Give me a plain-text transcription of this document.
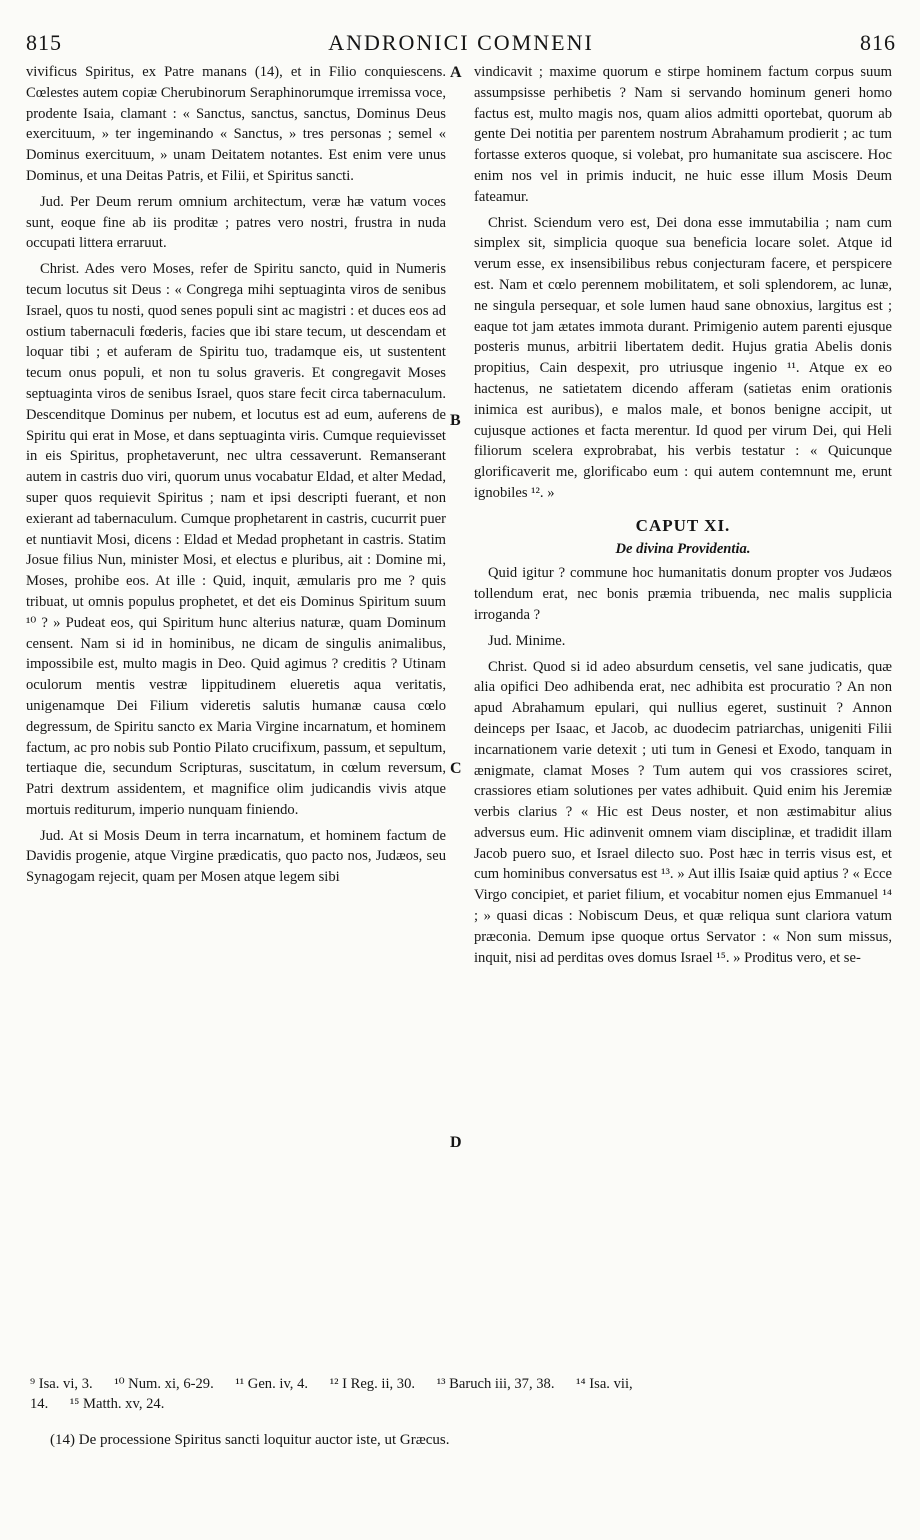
815	ANDRONICI COMNENI	816
A
B
C
D

vivificus Spiritus, ex Patre manans (14), et in Filio conquiescens. Cœlestes autem copiæ Cherubinorum Seraphinorumque irremissa voce, prodente Isaia, clamant : « Sanctus, sanctus, sanctus, Dominus Deus exercituum, » ter ingeminando « Sanctus, » tres personas ; semel « Dominus exercituum, » unam Deitatem notantes. Est enim vere unus Dominus, et una Deitas Patris, et Filii, et Spiritus sancti.

Jud. Per Deum rerum omnium architectum, veræ hæ vatum voces sunt, eoque fine ab iis proditæ ; patres vero nostri, frustra in nuda occupati littera erraruut.

Christ. Ades vero Moses, refer de Spiritu sancto, quid in Numeris tecum locutus sit Deus : « Congrega mihi septuaginta viros de senibus Israel, quos tu nosti, quod senes populi sint ac magistri : et duces eos ad ostium tabernaculi fœderis, facies que ibi stare tecum, ut descendam et loquar tibi ; et auferam de Spiritu tuo, tradamque eis, ut sustentent tecum onus populi, et non tu solus graveris. Et congregavit Moses septuaginta viros de senibus Israel, quos stare fecit circa tabernaculum. Descenditque Dominus per nubem, et locutus est ad eum, auferens de Spiritu qui erat in Mose, et dans septuaginta viris. Cumque requievisset in eis Spiritus, prophetaverunt, nec ultra cessaverunt. Remanserant autem in castris duo viri, quorum unus vocabatur Eldad, et alter Medad, super quos requievit Spiritus ; nam et ipsi descripti fuerant, et non exierant ad tabernaculum. Cumque prophetarent in castris, cucurrit puer et nuntiavit Mosi, dicens : Eldad et Medad prophetant in castris. Statim Josue filius Nun, minister Mosi, et electus e pluribus, ait : Domine mi, Moses, prohibe eos. At ille : Quid, inquit, æmularis pro me ? quis tribuat, ut omnis populus prophetet, et det eis Dominus Spiritum suum ¹⁰ ? » Pudeat eos, qui Spiritum hunc alterius naturæ, quam Dominum censent. Nam si id in hominibus, ne dicam de singulis animalibus, impossibile est, multo magis in Deo. Quid agimus ? creditis ? Utinam oculorum mentis vestræ lippitudinem elueretis aqua veritatis, unigenamque Dei Filium videretis salutis humanæ causa cœlo degressum, de Spiritu sancto ex Maria Virgine incarnatum, et hominem factum, ac pro nobis sub Pontio Pilato crucifixum, passum, et sepultum, tertiaque die, secundum Scripturas, suscitatum, in cœlum reversum, Patri dextrum assidentem, et magnifice olim judicandis vivis atque mortuis rediturum, imperio nunquam finiendo.

Jud. At si Mosis Deum in terra incarnatum, et hominem factum de Davidis progenie, atque Virgine prædicatis, quo pacto nos, Judæos, seu Synagogam rejecit, quam per Mosen atque legem sibi

vindicavit ; maxime quorum e stirpe hominem factum corpus suum assumpsisse perhibetis ? Nam si servando hominum generi homo factus est, multo magis nos, quam alios admitti oportebat, quorum ab gente Dei notitia per parentem nostrum Abrahamum prodierit ; ac tum fortasse exteros quoque, si volebat, pro humanitate sua asciscere. Hoc enim nos vel in primis inducit, ne huic esse illum Mosis Deum fateamur.

Christ. Sciendum vero est, Dei dona esse immutabilia ; nam cum simplex sit, simplicia quoque sua beneficia locare solet. Atque id verum esse, ex insensibilibus rebus conjecturam facere, et perspicere est. Nam et cœlo perennem mobilitatem, et soli splendorem, ac lunæ, ne singula persequar, et sole lumen haud sane obnoxius, largitus est ; eaque tot jam ætates immota durant. Primigenio autem parenti ejusque posteris munus, arbitrii libertatem dedit. Hujus gratia Abelis donis propitius, Cain despexit, pro utriusque ingenio ¹¹. Atque ex eo hactenus, ne satietatem dicendo afferam (satietas enim orationis inimica est auribus), e malos male, et bonos benigne accipit, ut cujusque actiones et facta merentur. Id quod per virum Dei, qui Heli filiorum scelera exprobrabat, his verbis testatur : « Quicunque glorificaverit me, glorificabo eum : qui autem contemnunt me, erunt ignobiles ¹². »

CAPUT XI.
De divina Providentia.

Quid igitur ? commune hoc humanitatis donum propter vos Judæos tollendum erat, nec bonis præmia tribuenda, nec malis supplicia irroganda ?

Jud. Minime.

Christ. Quod si id adeo absurdum censetis, vel sane judicatis, quæ alia opifici Deo adhibenda erat, nec adhibita est procuratio ? An non apud Abrahamum epulari, qui nullius egeret, sustinuit ? Annon deinceps per Isaac, et Jacob, ac duodecim patriarchas, unigeniti Filii incarnationem varie detexit ; uti tum in Genesi et Exodo, tanquam in ænigmate, clamat Moses ? Tum autem qui vos crassiores sciret, crassiores etiam solutiones per vates adhibuit. Quid enim his Jeremiæ verbis clarius ? « Hic est Deus noster, et non æstimabitur alius adversus eum. Hic adinvenit omnem viam disciplinæ, et tradidit illam Jacob puero suo, et Israel dilecto suo. Post hæc in terris visus est, et cum hominibus conversatus est ¹³. » Aut illis Isaiæ quid aptius ? « Ecce Virgo concipiet, et pariet filium, et vocabitur nomen ejus Emmanuel ¹⁴ ; » quasi dicas : Nobiscum Deus, et quæ reliqua sunt clariora vatum præconia. Demum ipse quoque ortus Servator : « Non sum missus, inquit, nisi ad perditas oves domus Israel ¹⁵. » Proditus vero, et se-

⁹ Isa. vi, 3. ¹⁰ Num. xi, 6-29. ¹¹ Gen. iv, 4. ¹² I Reg. ii, 30. ¹³ Baruch iii, 37, 38. ¹⁴ Isa. vii,
14. ¹⁵ Matth. xv, 24.
(14) De processione Spiritus sancti loquitur auctor iste, ut Græcus.
